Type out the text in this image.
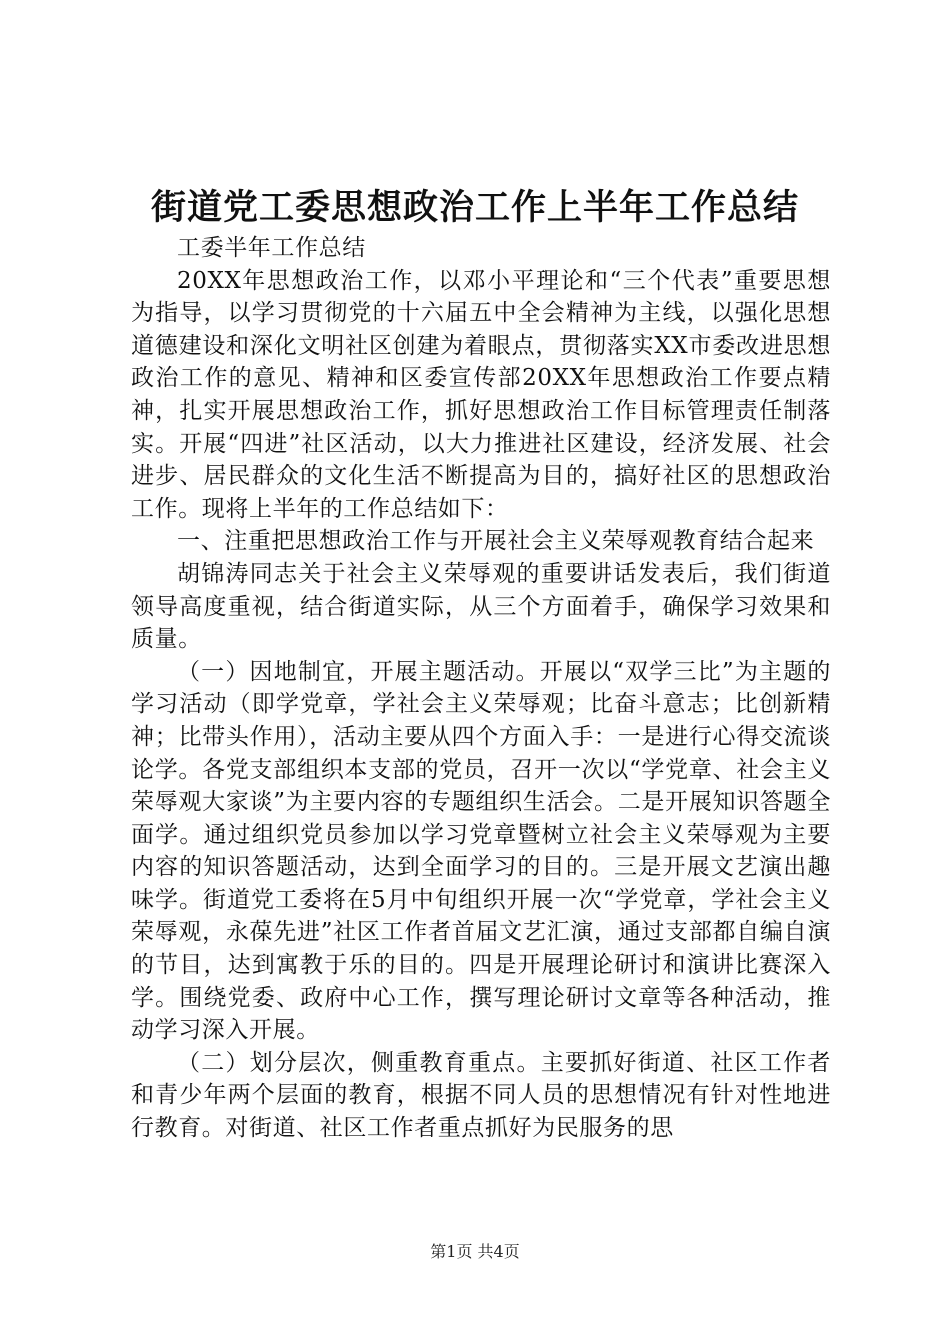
街道党工委思想政治工作上半年工作总结

工委半年工作总结

20XX年思想政治工作，以邓小平理论和“三个代表”重要思想为指导，以学习贯彻党的十六届五中全会精神为主线，以强化思想道德建设和深化文明社区创建为着眼点，贯彻落实XX市委改进思想政治工作的意见、精神和区委宣传部20XX年思想政治工作要点精神，扎实开展思想政治工作，抓好思想政治工作目标管理责任制落实。开展“四进”社区活动，以大力推进社区建设，经济发展、社会进步、居民群众的文化生活不断提高为目的，搞好社区的思想政治工作。现将上半年的工作总结如下：

一、注重把思想政治工作与开展社会主义荣辱观教育结合起来

胡锦涛同志关于社会主义荣辱观的重要讲话发表后，我们街道领导高度重视，结合街道实际，从三个方面着手，确保学习效果和质量。

（一）因地制宜，开展主题活动。开展以“双学三比”为主题的学习活动（即学党章，学社会主义荣辱观；比奋斗意志；比创新精神；比带头作用），活动主要从四个方面入手：一是进行心得交流谈论学。各党支部组织本支部的党员，召开一次以“学党章、社会主义荣辱观大家谈”为主要内容的专题组织生活会。二是开展知识答题全面学。通过组织党员参加以学习党章暨树立社会主义荣辱观为主要内容的知识答题活动，达到全面学习的目的。三是开展文艺演出趣味学。街道党工委将在5月中旬组织开展一次“学党章，学社会主义荣辱观，永葆先进”社区工作者首届文艺汇演，通过支部都自编自演的节目，达到寓教于乐的目的。四是开展理论研讨和演讲比赛深入学。围绕党委、政府中心工作，撰写理论研讨文章等各种活动，推动学习深入开展。

（二）划分层次，侧重教育重点。主要抓好街道、社区工作者和青少年两个层面的教育，根据不同人员的思想情况有针对性地进行教育。对街道、社区工作者重点抓好为民服务的思

第1页 共4页
